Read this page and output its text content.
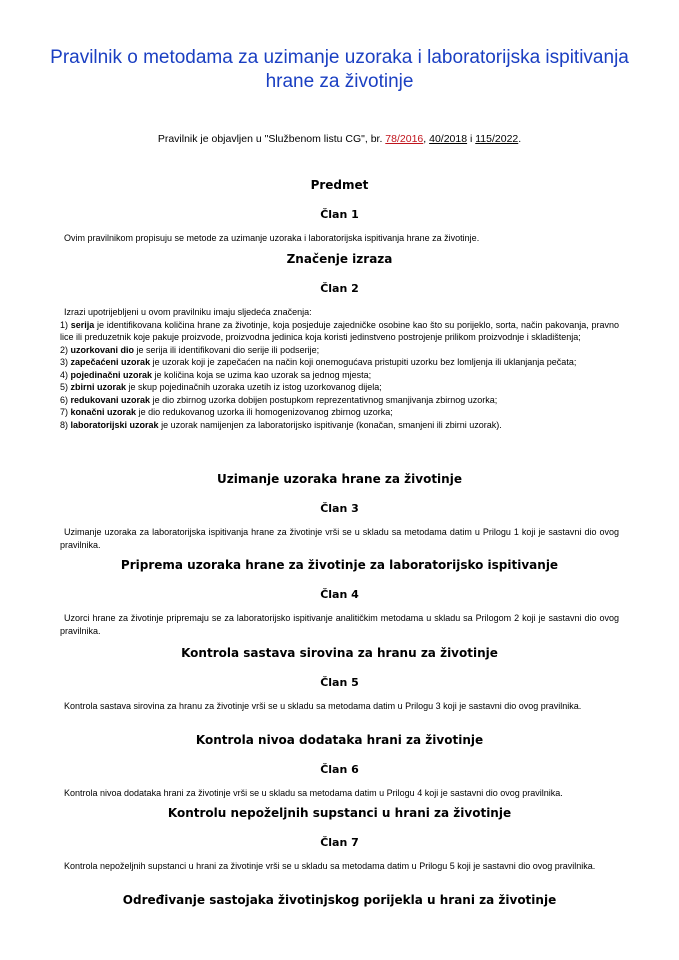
Pravilnik o metodama za uzimanje uzoraka i laboratorijska ispitivanja hrane za životinje
Pravilnik je objavljen u "Službenom listu CG", br. 78/2016, 40/2018 i 115/2022.
Predmet
Član 1

Ovim pravilnikom propisuju se metode za uzimanje uzoraka i laboratorijska ispitivanja hrane za životinje.

Značenje izraza
Član 2

Izrazi upotrijebljeni u ovom pravilniku imaju sljedeća značenja:

1) serija je identifikovana količina hrane za životinje, koja posjeduje zajedničke osobine kao što su porijeklo, sorta, način pakovanja, pravno lice ili preduzetnik koje pakuje proizvode, proizvodna jedinica koja koristi jedinstveno postrojenje prilikom proizvodnje i skladištenja;
2) uzorkovani dio je serija ili identifikovani dio serije ili podserije;
3) zapečaćeni uzorak je uzorak koji je zapečaćen na način koji onemogućava pristupiti uzorku bez lomljenja ili uklanjanja pečata;
4) pojedinačni uzorak je količina koja se uzima kao uzorak sa jednog mjesta;
5) zbirni uzorak je skup pojedinačnih uzoraka uzetih iz istog uzorkovanog dijela;
6) redukovani uzorak je dio zbirnog uzorka dobijen postupkom reprezentativnog smanjivanja zbirnog uzorka;
7) konačni uzorak je dio redukovanog uzorka ili homogenizovanog zbirnog uzorka;
8) laboratorijski uzorak je uzorak namijenjen za laboratorijsko ispitivanje (konačan, smanjeni ili zbirni uzorak).
Uzimanje uzoraka hrane za životinje
Član 3

Uzimanje uzoraka za laboratorijska ispitivanja hrane za životinje vrši se u skladu sa metodama datim u Prilogu 1 koji je sastavni dio ovog pravilnika.

Priprema uzoraka hrane za životinje za laboratorijsko ispitivanje
Član 4

Uzorci hrane za životinje pripremaju se za laboratorijsko ispitivanje analitičkim metodama u skladu sa Prilogom 2 koji je sastavni dio ovog pravilnika.

Kontrola sastava sirovina za hranu za životinje
Član 5

Kontrola sastava sirovina za hranu za životinje vrši se u skladu sa metodama datim u Prilogu 3 koji je sastavni dio ovog pravilnika.

Kontrola nivoa dodataka hrani za životinje
Član 6

Kontrola nivoa dodataka hrani za životinje vrši se u skladu sa metodama datim u Prilogu 4 koji je sastavni dio ovog pravilnika.

Kontrolu nepoželjnih supstanci u hrani za životinje
Član 7

Kontrola nepoželjnih supstanci u hrani za životinje vrši se u skladu sa metodama datim u Prilogu 5 koji je sastavni dio ovog pravilnika.

Određivanje sastojaka životinjskog porijekla u hrani za životinje
